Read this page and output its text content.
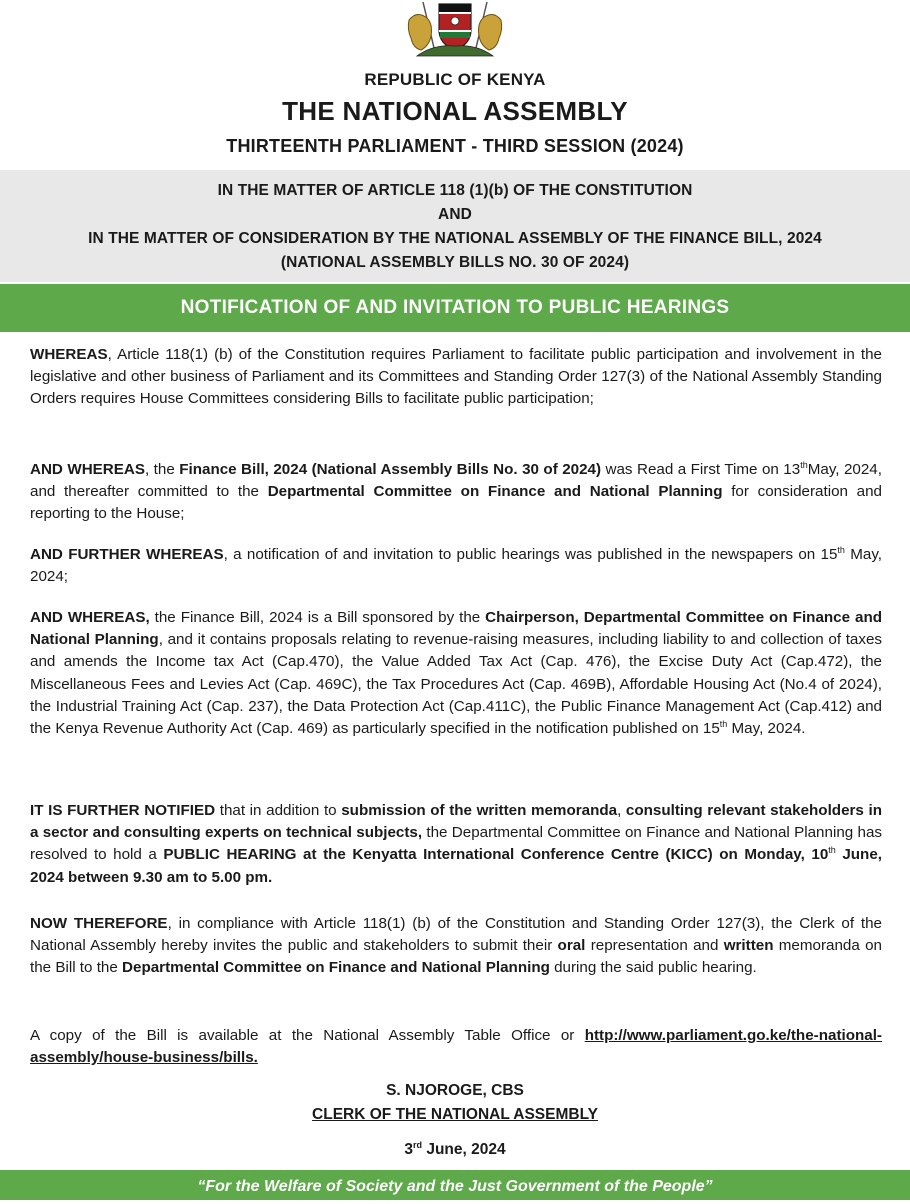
REPUBLIC OF KENYA
THE NATIONAL ASSEMBLY
THIRTEENTH PARLIAMENT - THIRD SESSION (2024)
IN THE MATTER OF ARTICLE 118 (1)(b) OF THE CONSTITUTION
AND
IN THE MATTER OF CONSIDERATION BY THE NATIONAL ASSEMBLY OF THE FINANCE BILL, 2024
(NATIONAL ASSEMBLY BILLS NO. 30 OF 2024)
NOTIFICATION OF AND INVITATION TO PUBLIC HEARINGS

WHEREAS, Article 118(1) (b) of the Constitution requires Parliament to facilitate public participation and involvement in the legislative and other business of Parliament and its Committees and Standing Order 127(3) of the National Assembly Standing Orders requires House Committees considering Bills to facilitate public participation;

AND WHEREAS, the Finance Bill, 2024 (National Assembly Bills No. 30 of 2024) was Read a First Time on 13thMay, 2024, and thereafter committed to the Departmental Committee on Finance and National Planning for consideration and reporting to the House;

AND FURTHER WHEREAS, a notification of and invitation to public hearings was published in the newspapers on 15th May, 2024;

AND WHEREAS, the Finance Bill, 2024 is a Bill sponsored by the Chairperson, Departmental Committee on Finance and National Planning, and it contains proposals relating to revenue-raising measures, including liability to and collection of taxes and amends the Income tax Act (Cap.470), the Value Added Tax Act (Cap. 476), the Excise Duty Act (Cap.472), the Miscellaneous Fees and Levies Act (Cap. 469C), the Tax Procedures Act (Cap. 469B), Affordable Housing Act (No.4 of 2024), the Industrial Training Act (Cap. 237), the Data Protection Act (Cap.411C), the Public Finance Management Act (Cap.412) and the Kenya Revenue Authority Act (Cap. 469) as particularly specified in the notification published on 15th May, 2024.

IT IS FURTHER NOTIFIED that in addition to submission of the written memoranda, consulting relevant stakeholders in a sector and consulting experts on technical subjects, the Departmental Committee on Finance and National Planning has resolved to hold a PUBLIC HEARING at the Kenyatta International Conference Centre (KICC) on Monday, 10th June, 2024 between 9.30 am to 5.00 pm.

NOW THEREFORE, in compliance with Article 118(1) (b) of the Constitution and Standing Order 127(3), the Clerk of the National Assembly hereby invites the public and stakeholders to submit their oral representation and written memoranda on the Bill to the Departmental Committee on Finance and National Planning during the said public hearing.

A copy of the Bill is available at the National Assembly Table Office or http://www.parliament.go.ke/the-national-assembly/house-business/bills.

S. NJOROGE, CBS
CLERK OF THE NATIONAL ASSEMBLY
3rd June, 2024
“For the Welfare of Society and the Just Government of the People”
